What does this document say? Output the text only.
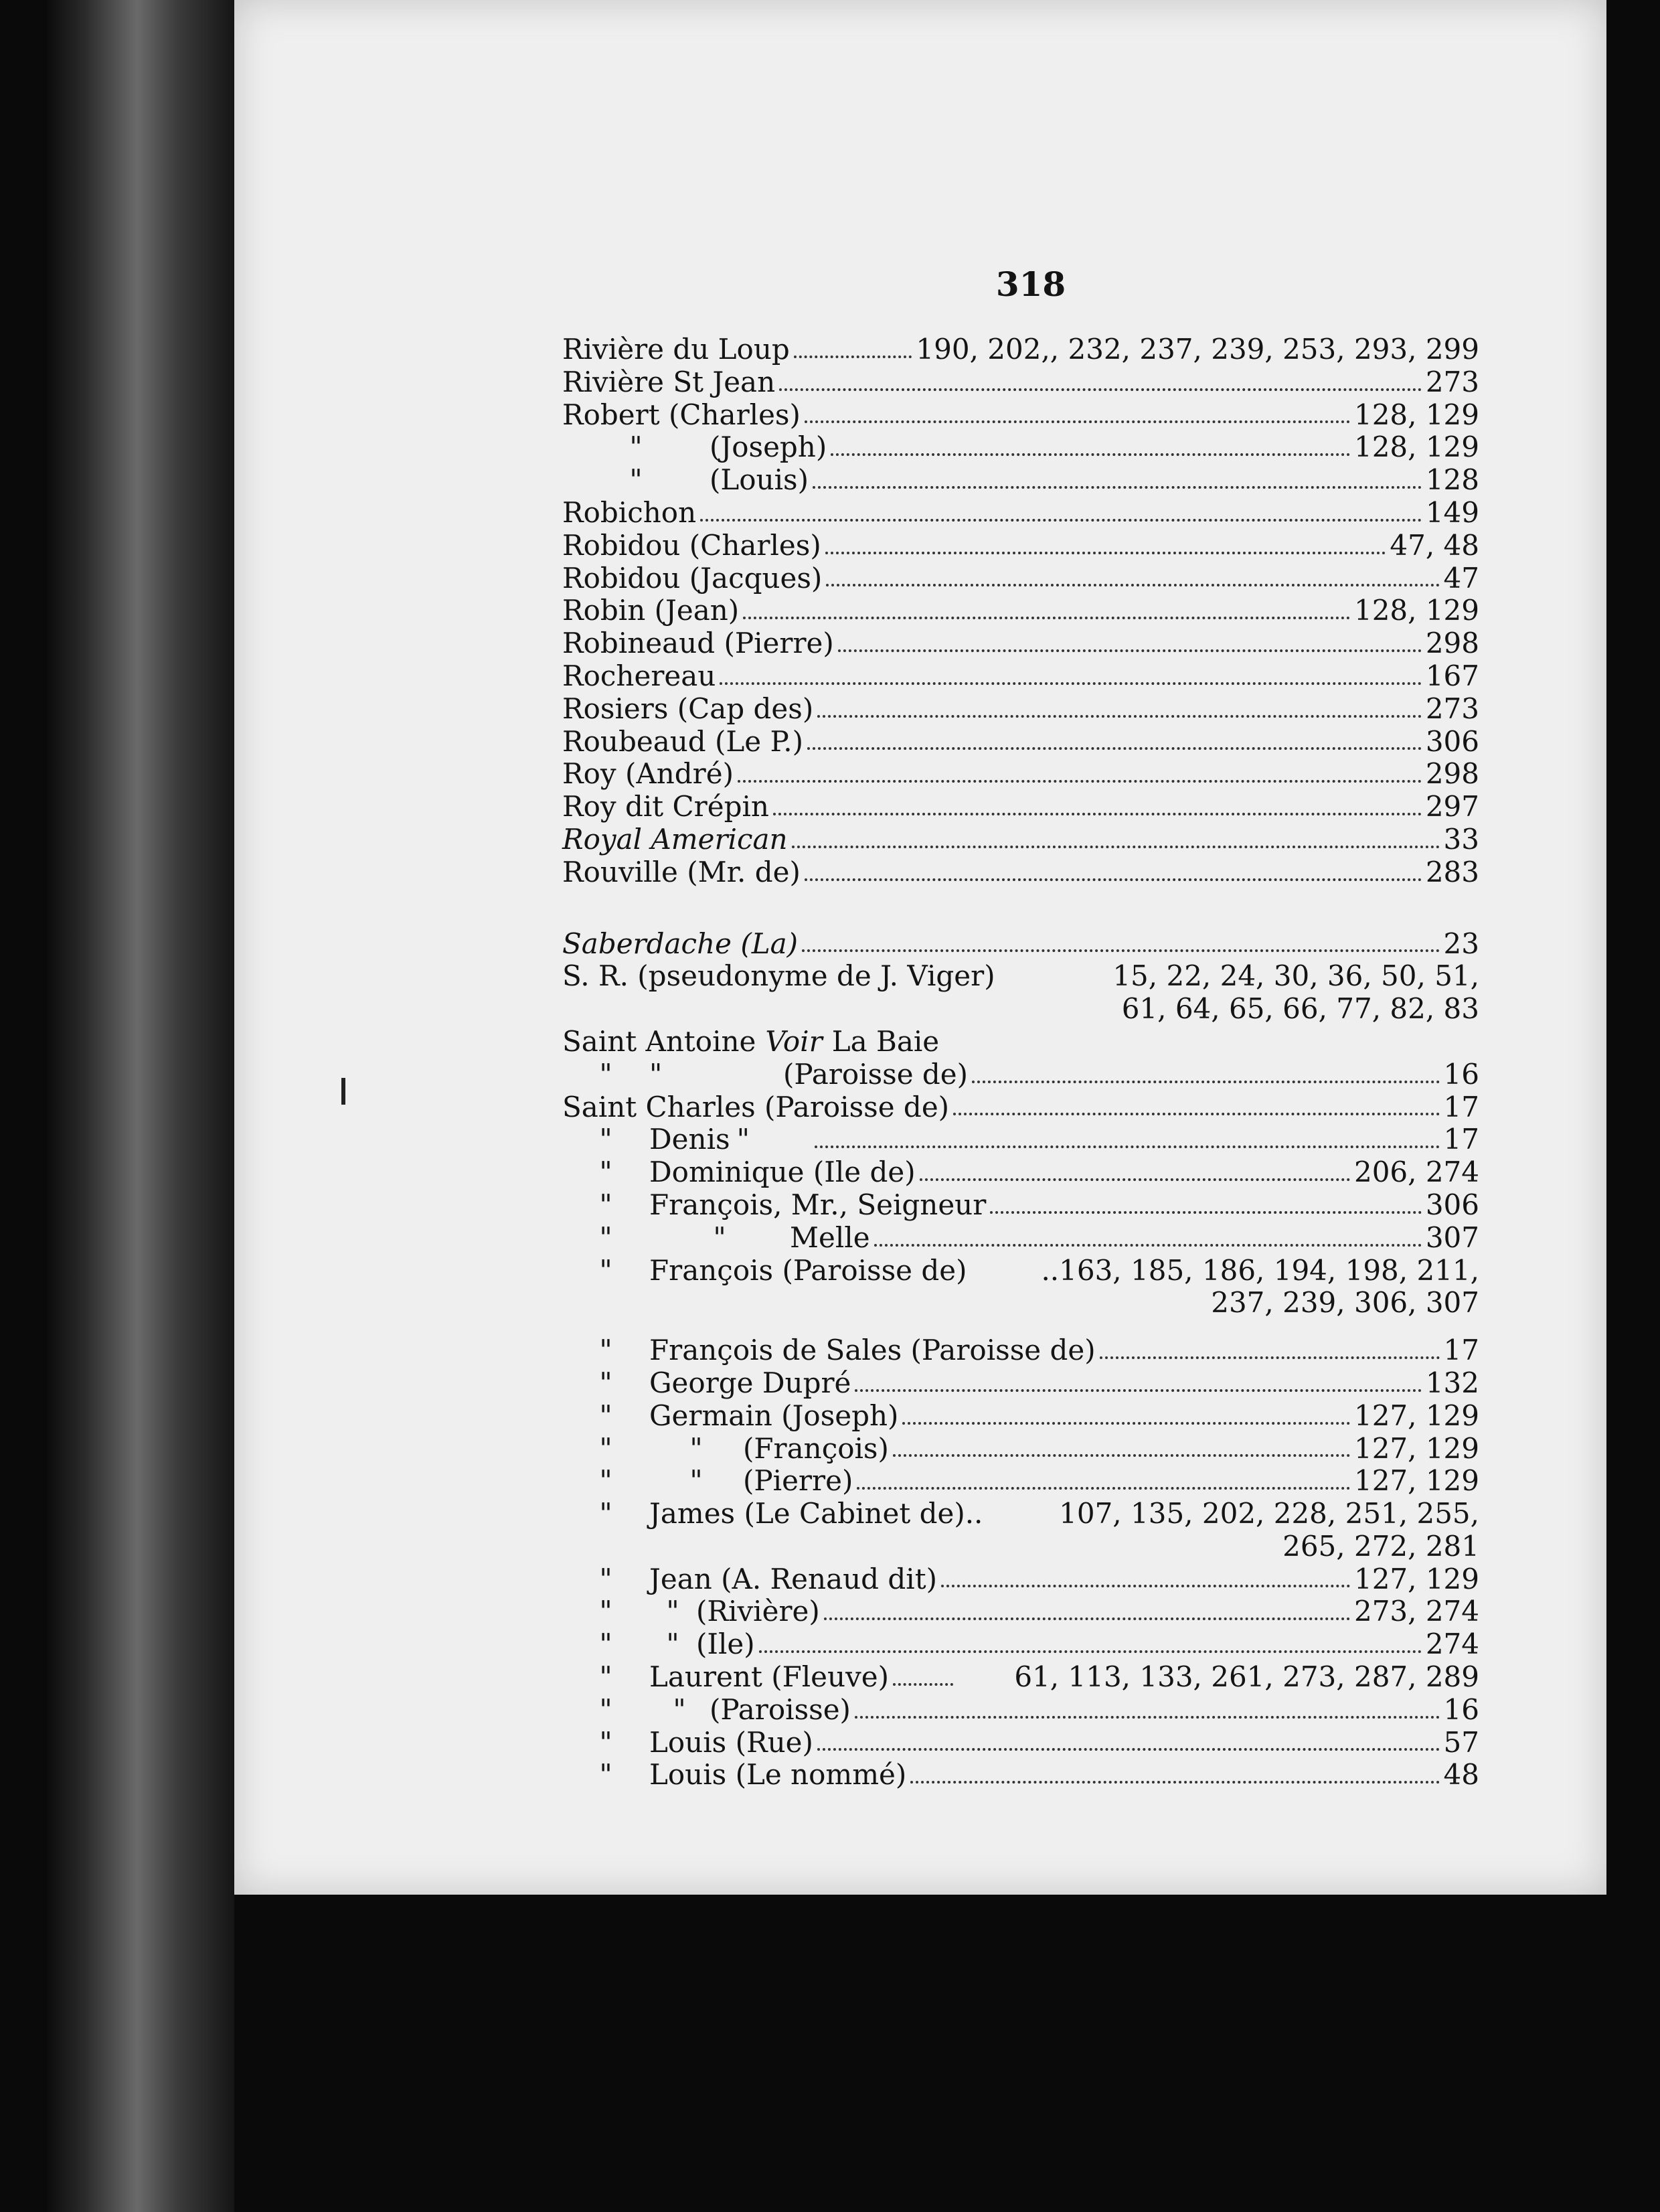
318
Rivière du Loup	190, 202,, 232, 237, 239, 253, 293, 299
Rivière St Jean	273
Robert (Charles)	128, 129
"	(Joseph)	128, 129
"	(Louis)	128
Robichon	149
Robidou (Charles)	47, 48
Robidou (Jacques)	47
Robin (Jean)	128, 129
Robineaud (Pierre)	298
Rochereau	167
Rosiers (Cap des)	273
Roubeaud (Le P.)	306
Roy (André)	298
Roy dit Crépin	297
Royal American	33
Rouville (Mr. de)	283
Saberdache (La)	23
S. R. (pseudonyme de J. Viger)	15, 22, 24, 30, 36, 50, 51,
61, 64, 65, 66, 77, 82, 83
Saint Antoine Voir La Baie
"	"	(Paroisse de)	16
Saint Charles (Paroisse de)	17
"	Denis "	17
"	Dominique (Ile de)	206, 274
"	François, Mr., Seigneur	306
"	"	Melle	307
"	François (Paroisse de)	..163, 185, 186, 194, 198, 211,
237, 239, 306, 307
"	François de Sales (Paroisse de)	17
"	George Dupré	132
"	Germain (Joseph)	127, 129
"	"	(François)	127, 129
"	"	(Pierre)	127, 129
"	James (Le Cabinet de)..	107, 135, 202, 228, 251, 255,
265, 272, 281
"	Jean (A. Renaud dit)	127, 129
"	" (Rivière)	273, 274
"	" (Ile)	274
"	Laurent (Fleuve)	61, 113, 133, 261, 273, 287, 289
"	" (Paroisse)	16
"	Louis (Rue)	57
"	Louis (Le nommé)	48
